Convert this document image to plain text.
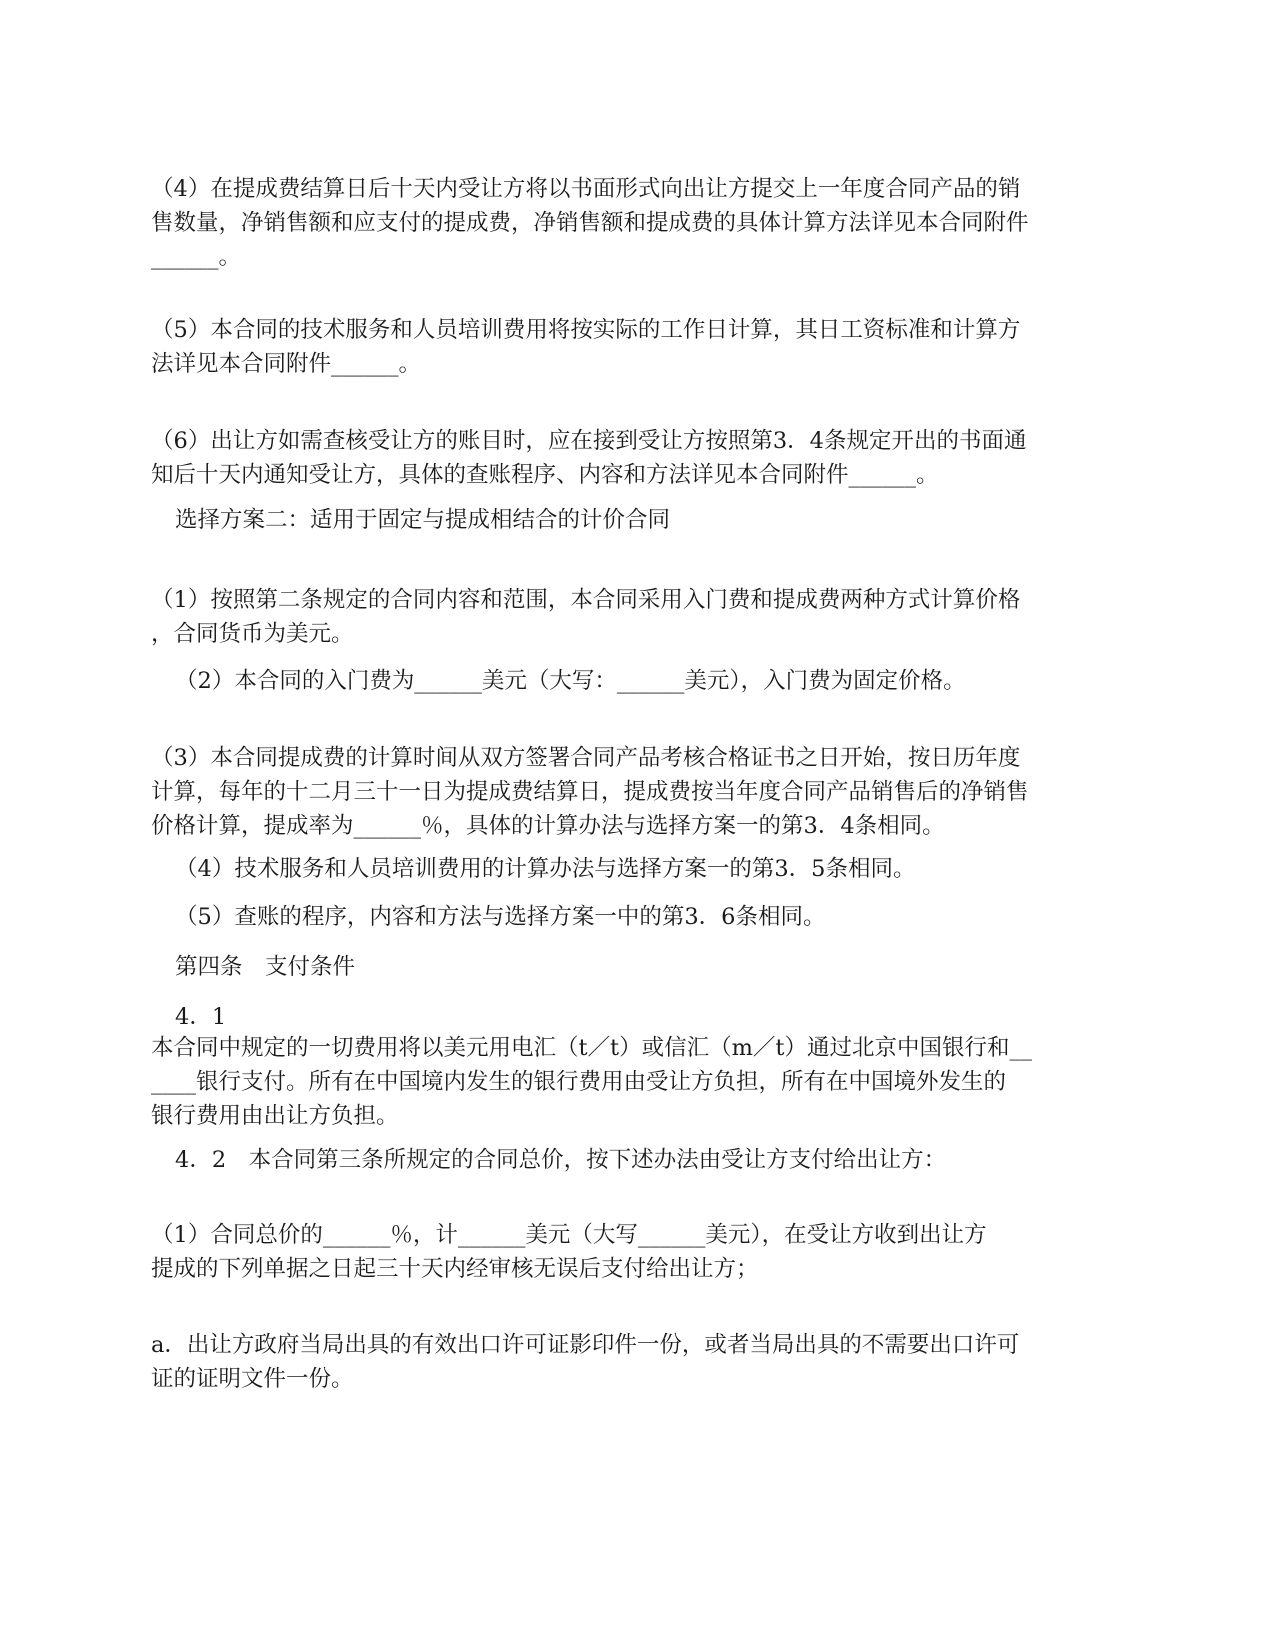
（4）在提成费结算日后十天内受让方将以书面形式向出让方提交上一年度合同产品的销
售数量，净销售额和应支付的提成费，净销售额和提成费的具体计算方法详见本合同附件
______。

（5）本合同的技术服务和人员培训费用将按实际的工作日计算，其日工资标准和计算方
法详见本合同附件______。

（6）出让方如需查核受让方的账目时，应在接到受让方按照第3．4条规定开出的书面通
知后十天内通知受让方，具体的查账程序、内容和方法详见本合同附件______。

选择方案二：适用于固定与提成相结合的计价合同

（1）按照第二条规定的合同内容和范围，本合同采用入门费和提成费两种方式计算价格
，合同货币为美元。

（2）本合同的入门费为______美元（大写：______美元），入门费为固定价格。

（3）本合同提成费的计算时间从双方签署合同产品考核合格证书之日开始，按日历年度
计算，每年的十二月三十一日为提成费结算日，提成费按当年度合同产品销售后的净销售
价格计算，提成率为______％，具体的计算办法与选择方案一的第3．4条相同。

（4）技术服务和人员培训费用的计算办法与选择方案一的第3．5条相同。

（5）查账的程序，内容和方法与选择方案一中的第3．6条相同。

第四条　支付条件

4．1

本合同中规定的一切费用将以美元用电汇（t／t）或信汇（m／t）通过北京中国银行和__
____银行支付。所有在中国境内发生的银行费用由受让方负担，所有在中国境外发生的
银行费用由出让方负担。

4．2　本合同第三条所规定的合同总价，按下述办法由受让方支付给出让方：

（1）合同总价的______％，计______美元（大写______美元），在受让方收到出让方
提成的下列单据之日起三十天内经审核无误后支付给出让方；

a．出让方政府当局出具的有效出口许可证影印件一份，或者当局出具的不需要出口许可
证的证明文件一份。
